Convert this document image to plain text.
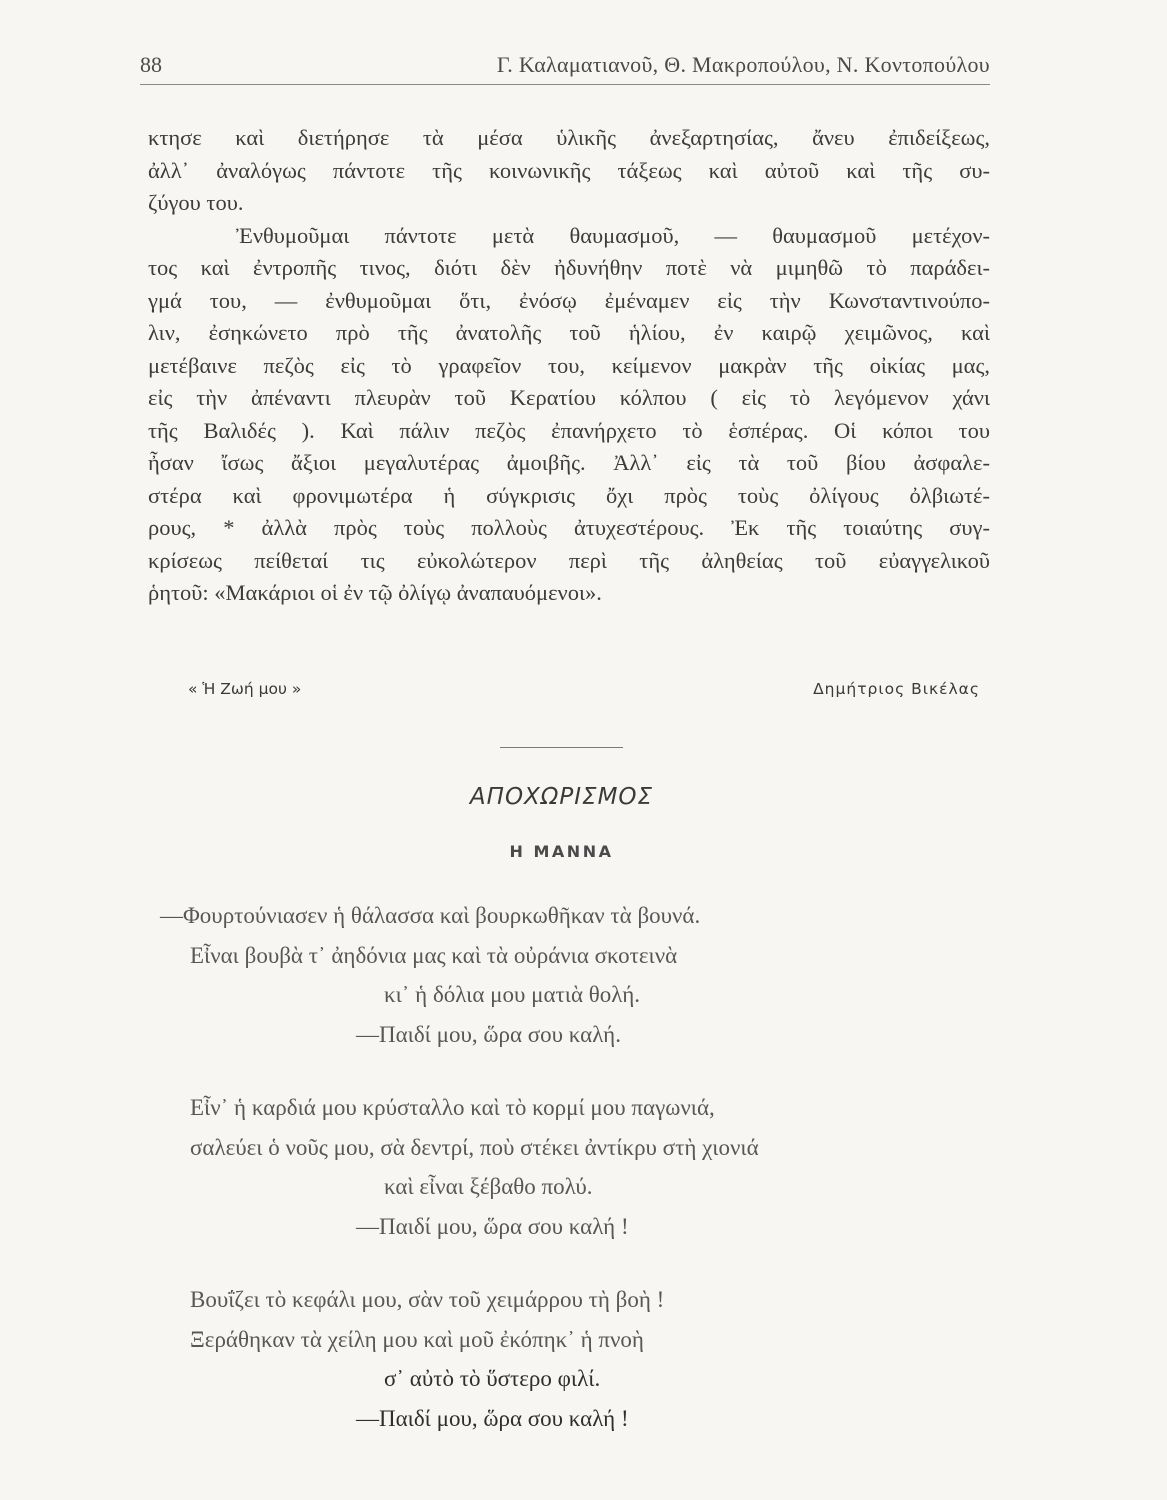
88	Γ. Καλαματιανοῦ, Θ. Μακροπούλου, Ν. Κοντοπούλου
κτησε καὶ διετήρησε τὰ μέσα ὑλικῆς ἀνεξαρτησίας, ἄνευ ἐπιδείξεως,
ἀλλ᾽ ἀναλόγως πάντοτε τῆς κοινωνικῆς τάξεως καὶ αὐτοῦ καὶ τῆς συ-
ζύγου του.
Ἐνθυμοῦμαι πάντοτε μετὰ θαυμασμοῦ, — θαυμασμοῦ μετέχον-
τος καὶ ἐντροπῆς τινος, διότι δὲν ἠδυνήθην ποτὲ νὰ μιμηθῶ τὸ παράδει-
γμά του, — ἐνθυμοῦμαι ὅτι, ἐνόσῳ ἐμέναμεν εἰς τὴν Κωνσταντινούπο-
λιν, ἐσηκώνετο πρὸ τῆς ἀνατολῆς τοῦ ἡλίου, ἐν καιρῷ χειμῶνος, καὶ
μετέβαινε πεζὸς εἰς τὸ γραφεῖον του, κείμενον μακρὰν τῆς οἰκίας μας,
εἰς τὴν ἀπέναντι πλευρὰν τοῦ Κερατίου κόλπου ( εἰς τὸ λεγόμενον χάνι
τῆς Βαλιδές ). Καὶ πάλιν πεζὸς ἐπανήρχετο τὸ ἑσπέρας. Οἱ κόποι του
ἦσαν ἴσως ἄξιοι μεγαλυτέρας ἀμοιβῆς. Ἀλλ᾽ εἰς τὰ τοῦ βίου ἀσφαλε-
στέρα καὶ φρονιμωτέρα ἡ σύγκρισις ὄχι πρὸς τοὺς ὀλίγους ὀλβιωτέ-
ρους, * ἀλλὰ πρὸς τοὺς πολλοὺς ἀτυχεστέρους. Ἐκ τῆς τοιαύτης συγ-
κρίσεως πείθεταί τις εὐκολώτερον περὶ τῆς ἀληθείας τοῦ εὐαγγελικοῦ
ῥητοῦ: «Μακάριοι οἱ ἐν τῷ ὀλίγῳ ἀναπαυόμενοι».
« Ἡ Ζωή μου »	Δημήτριος Βικέλας
ΑΠΟΧΩΡΙΣΜΟΣ
Η ΜΑΝΝΑ
—Φουρτούνιασεν ἡ θάλασσα καὶ βουρκωθῆκαν τὰ βουνά.
Εἶναι βουβὰ τ᾽ ἀηδόνια μας καὶ τὰ οὐράνια σκοτεινὰ
κι᾽ ἡ δόλια μου ματιὰ θολή.
—Παιδί μου, ὥρα σου καλή.
Εἶν᾽ ἡ καρδιά μου κρύσταλλο καὶ τὸ κορμί μου παγωνιά,
σαλεύει ὁ νοῦς μου, σὰ δεντρί, ποὺ στέκει ἀντίκρυ στὴ χιονιά
καὶ εἶναι ξέβαθο πολύ.
—Παιδί μου, ὥρα σου καλή !
Βουΐζει τὸ κεφάλι μου, σὰν τοῦ χειμάρρου τὴ βοὴ !
Ξεράθηκαν τὰ χείλη μου καὶ μοῦ ἐκόπηκ᾽ ἡ πνοὴ
σ᾽ αὐτὸ τὸ ὕστερο φιλί.
—Παιδί μου, ὥρα σου καλή !
